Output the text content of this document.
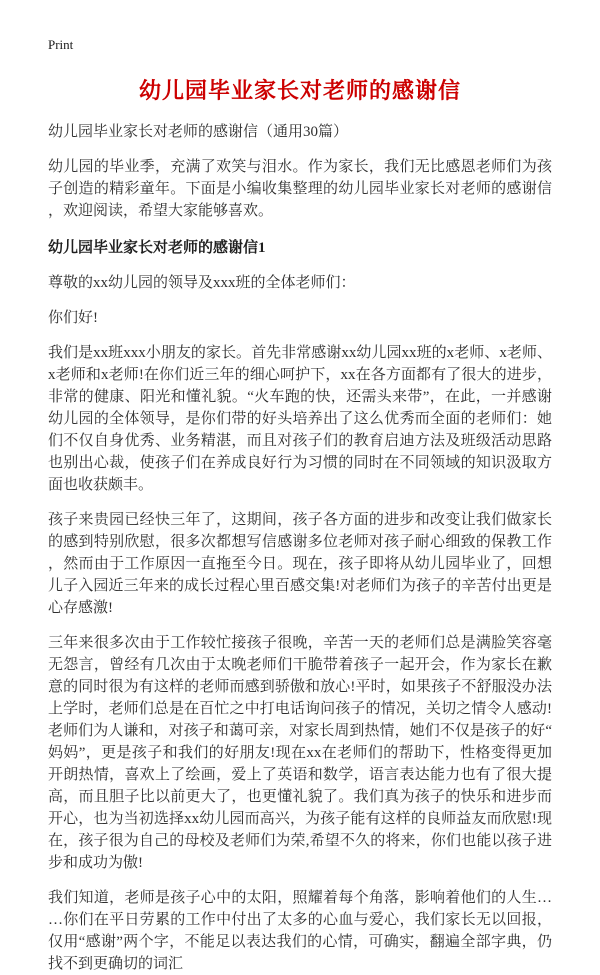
Print
幼儿园毕业家长对老师的感谢信

幼儿园毕业家长对老师的感谢信（通用30篇）

幼儿园的毕业季，充满了欢笑与泪水。作为家长，我们无比感恩老师们为孩子创造的精彩童年。下面是小编收集整理的幼儿园毕业家长对老师的感谢信，欢迎阅读，希望大家能够喜欢。

幼儿园毕业家长对老师的感谢信1

尊敬的xx幼儿园的领导及xxx班的全体老师们：

你们好!

我们是xx班xxx小朋友的家长。首先非常感谢xx幼儿园xx班的x老师、x老师、x老师和x老师!在你们近三年的细心呵护下，xx在各方面都有了很大的进步，非常的健康、阳光和懂礼貌。“火车跑的快，还需头来带”，在此，一并感谢幼儿园的全体领导，是你们带的好头培养出了这么优秀而全面的老师们：她们不仅自身优秀、业务精湛，而且对孩子们的教育启迪方法及班级活动思路也别出心裁，使孩子们在养成良好行为习惯的同时在不同领域的知识汲取方面也收获颇丰。

孩子来贵园已经快三年了，这期间，孩子各方面的进步和改变让我们做家长的感到特别欣慰，很多次都想写信感谢多位老师对孩子耐心细致的保教工作，然而由于工作原因一直拖至今日。现在，孩子即将从幼儿园毕业了，回想儿子入园近三年来的成长过程心里百感交集!对老师们为孩子的辛苦付出更是心存感激!

三年来很多次由于工作较忙接孩子很晚，辛苦一天的老师们总是满脸笑容毫无怨言，曾经有几次由于太晚老师们干脆带着孩子一起开会，作为家长在歉意的同时很为有这样的老师而感到骄傲和放心!平时，如果孩子不舒服没办法上学时，老师们总是在百忙之中打电话询问孩子的情况，关切之情令人感动!老师们为人谦和，对孩子和蔼可亲，对家长周到热情，她们不仅是孩子的好“妈妈”，更是孩子和我们的好朋友!现在xx在老师们的帮助下，性格变得更加开朗热情，喜欢上了绘画，爱上了英语和数学，语言表达能力也有了很大提高，而且胆子比以前更大了，也更懂礼貌了。我们真为孩子的快乐和进步而开心，也为当初选择xx幼儿园而高兴，为孩子能有这样的良师益友而欣慰!现在，孩子很为自己的母校及老师们为荣,希望不久的将来，你们也能以孩子进步和成功为傲!

我们知道，老师是孩子心中的太阳，照耀着每个角落，影响着他们的人生……你们在平日劳累的工作中付出了太多的心血与爱心，我们家长无以回报，仅用“感谢”两个字，不能足以表达我们的心情，可确实，翻遍全部字典，仍找不到更确切的词汇
